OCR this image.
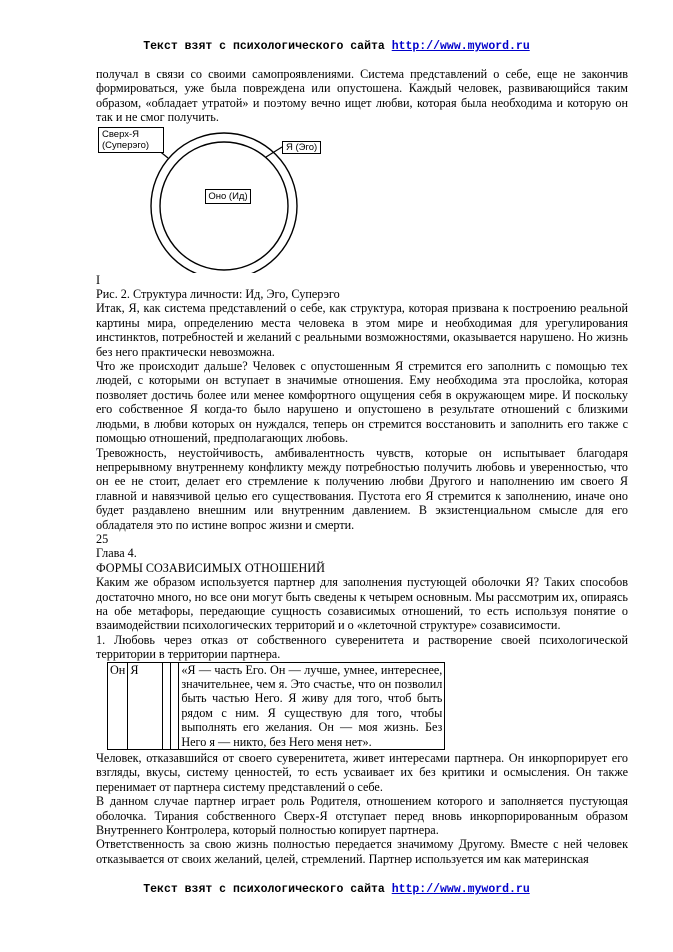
Текст взят с психологического сайта http://www.myword.ru

получал в связи со своими самопроявлениями. Система представлений о себе, еще не закончив формироваться, уже была повреждена или опустошена. Каждый человек, развивающийся таким образом, «обладает утратой» и поэтому вечно ищет любви, которая была необходима и которую он так и не смог получить.

Сверх-Я (Суперэго)	Я (Эго)
Оно (Ид)

I

Рис. 2. Структура личности: Ид, Эго, Суперэго

Итак, Я, как система представлений о себе, как структура, которая призвана к построению реальной картины мира, определению места человека в этом мире и необходимая для урегулирования инстинктов, потребностей и желаний с реальными возможностями, оказывается нарушено. Но жизнь без него практически невозможна.

Что же происходит дальше? Человек с опустошенным Я стремится его заполнить с помощью тех людей, с которыми он вступает в значимые отношения. Ему необходима эта прослойка, которая позволяет достичь более или менее комфортного ощущения себя в окружающем мире. И поскольку его собственное Я когда-то было нарушено и опустошено в результате отношений с близкими людьми, в любви которых он нуждался, теперь он стремится восстановить и заполнить его также с помощью отношений, предполагающих любовь.

Тревожность, неустойчивость, амбивалентность чувств, которые он испытывает благодаря непрерывному внутреннему конфликту между потребностью получить любовь и уверенностью, что он ее не стоит, делает его стремление к получению любви Другого и наполнению им своего Я главной и навязчивой целью его существования. Пустота его Я стремится к заполнению, иначе оно будет раздавлено внешним или внутренним давлением. В экзистенциальном смысле для его обладателя это по истине вопрос жизни и смерти.

25

Глава 4.

ФОРМЫ СОЗАВИСИМЫХ ОТНОШЕНИЙ

Каким же образом используется партнер для заполнения пустующей оболочки Я? Таких способов достаточно много, но все они могут быть сведены к четырем основным. Мы рассмотрим их, опираясь на обе метафоры, передающие сущность созависимых отношений, то есть используя понятие о взаимодействии психологических территорий и о «клеточной структуре» созависимости.

1. Любовь через отказ от собственного суверенитета и растворение своей психологической территории в территории партнера.

Он	Я			«Я — часть Его. Он — лучше, умнее, интереснее, значительнее, чем я. Это счастье, что он позволил быть частью Него. Я живу для того, чтоб быть рядом с ним. Я существую для того, чтобы выполнять его желания. Он — моя жизнь. Без Него я — никто, без Него меня нет».

Человек, отказавшийся от своего суверенитета, живет интересами партнера. Он инкорпорирует его взгляды, вкусы, систему ценностей, то есть усваивает их без критики и осмысления. Он также перенимает от партнера систему представлений о себе.

В данном случае партнер играет роль Родителя, отношением которого и заполняется пустующая оболочка. Тирания собственного Сверх-Я отступает перед вновь инкорпорированным образом Внутреннего Контролера, который полностью копирует партнера.

Ответственность за свою жизнь полностью передается значимому Другому. Вместе с ней человек отказывается от своих желаний, целей, стремлений. Партнер используется им как материнская

Текст взят с психологического сайта http://www.myword.ru
